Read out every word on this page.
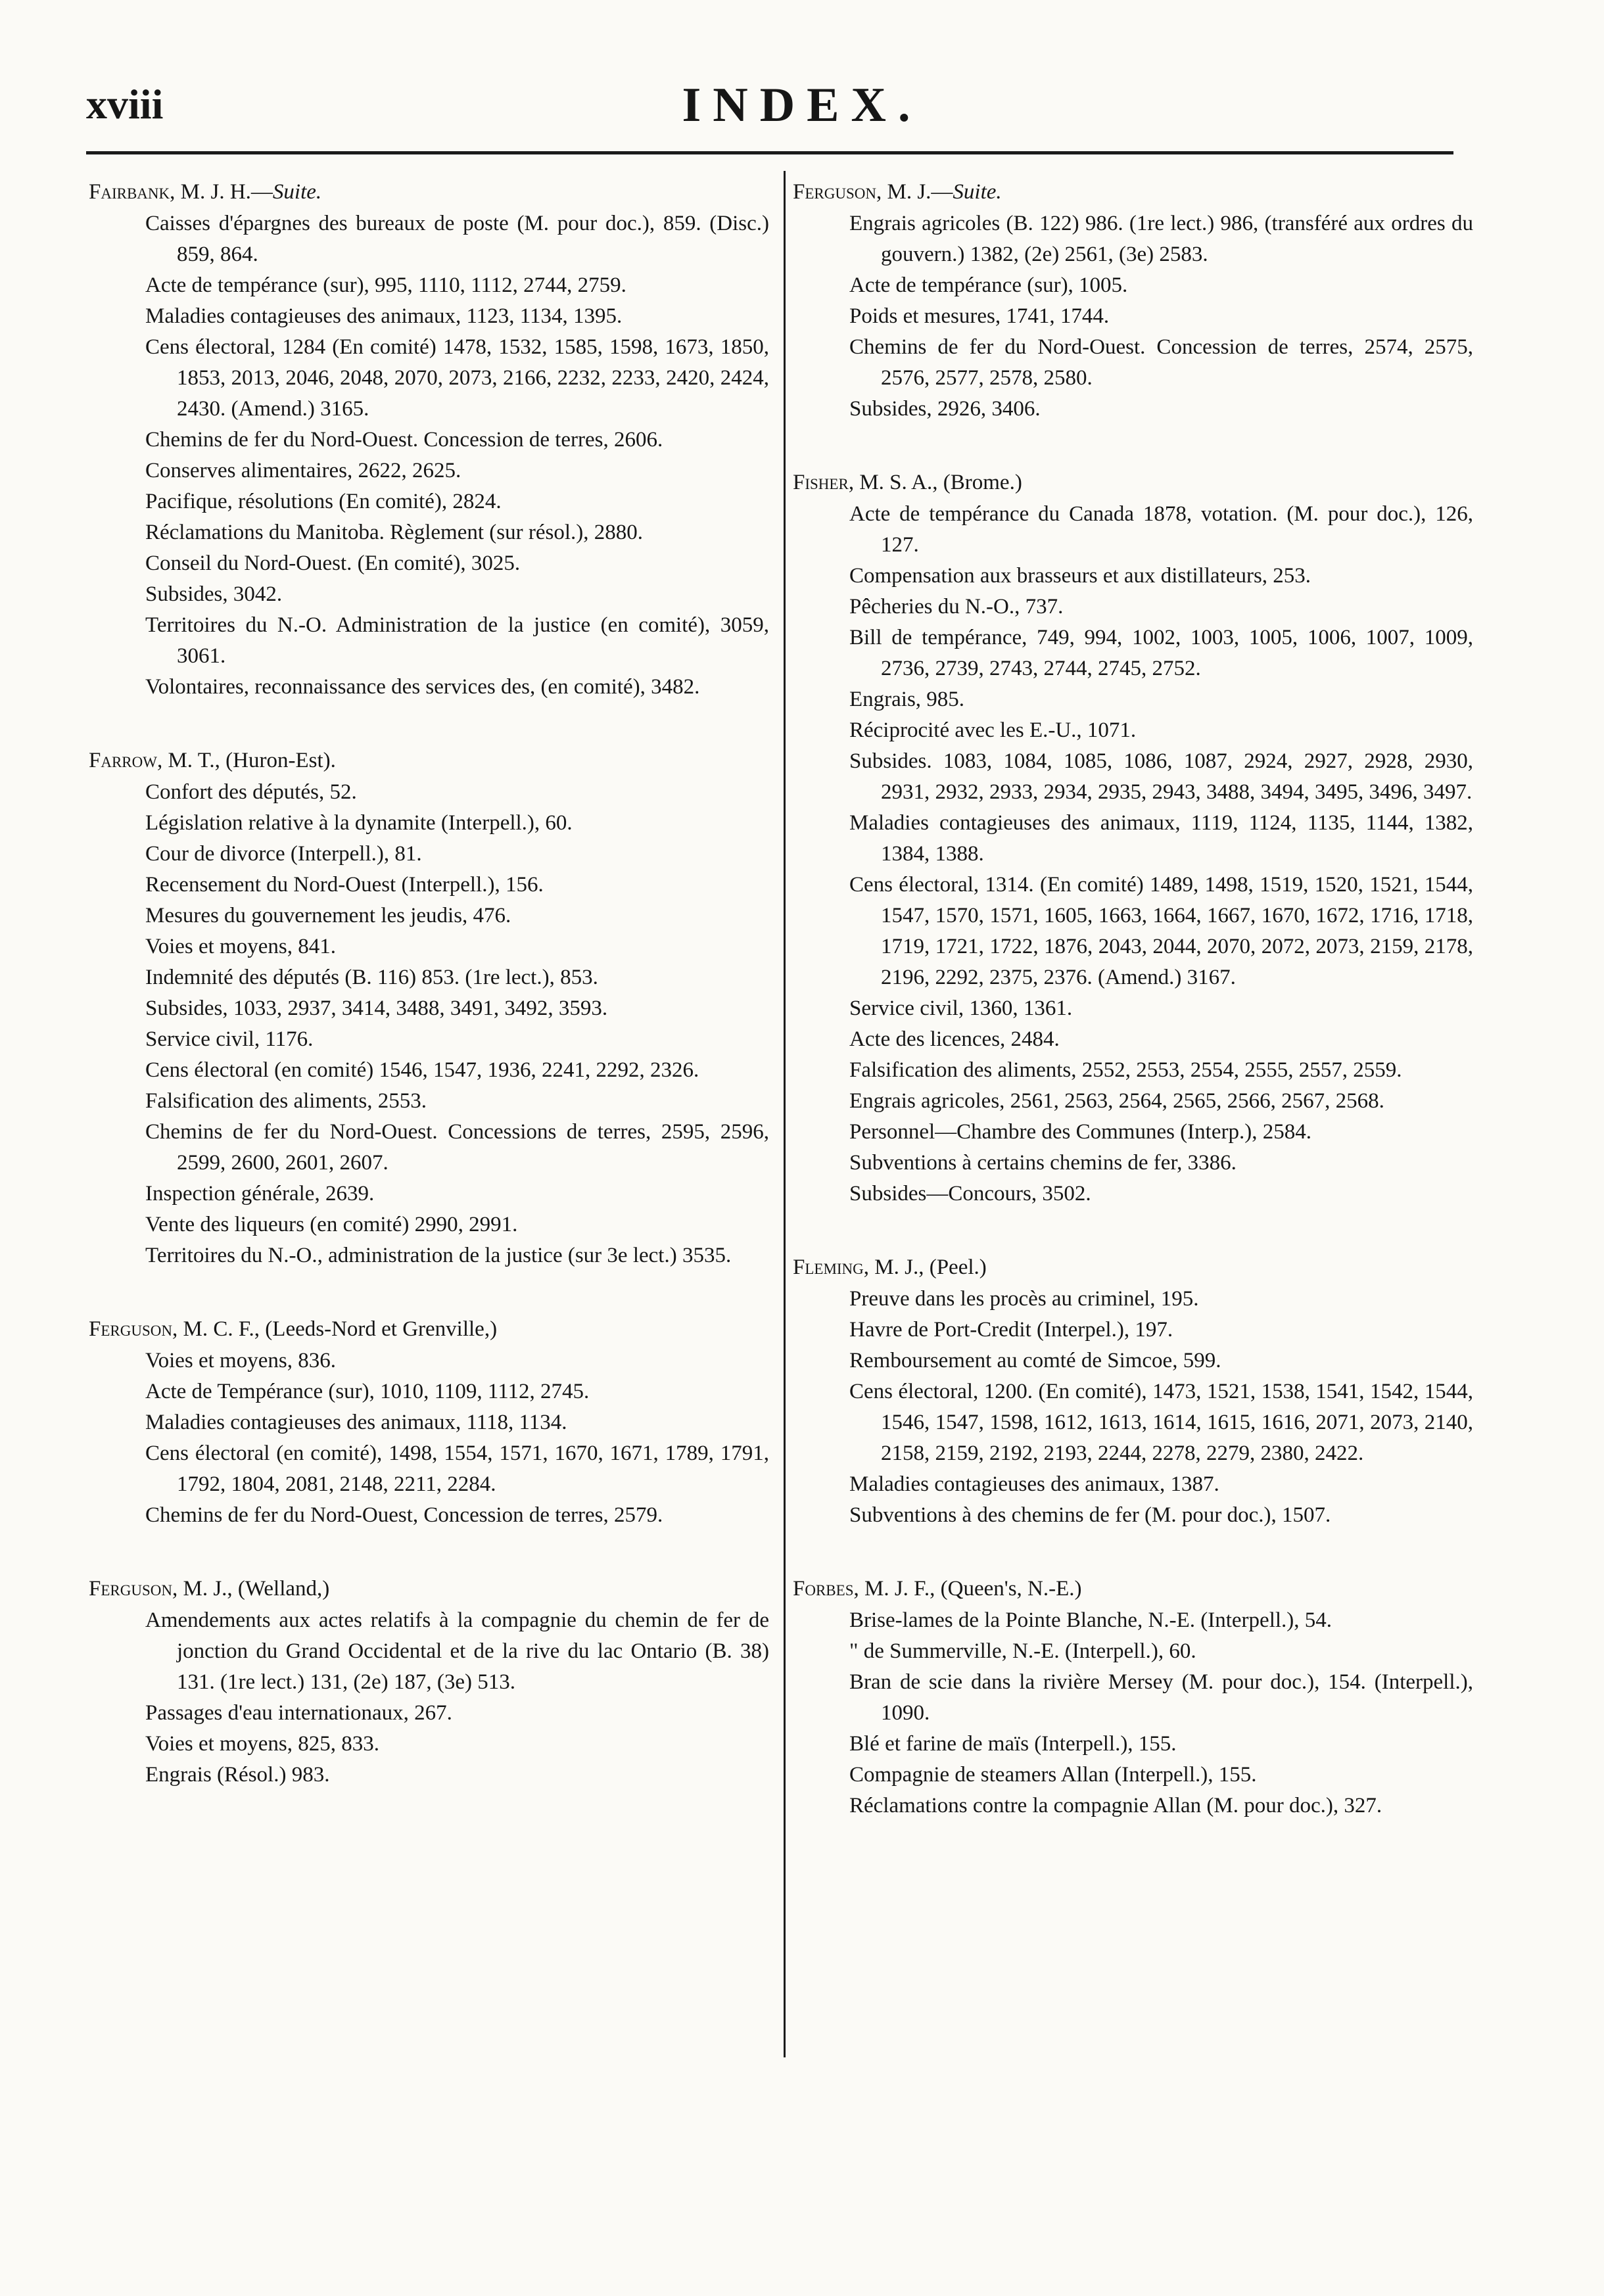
xviii	INDEX.
Fairbank, M. J. H.—Suite.
Caisses d'épargnes des bureaux de poste (M. pour doc.), 859. (Disc.) 859, 864.
Acte de tempérance (sur), 995, 1110, 1112, 2744, 2759.
Maladies contagieuses des animaux, 1123, 1134, 1395.
Cens électoral, 1284 (En comité) 1478, 1532, 1585, 1598, 1673, 1850, 1853, 2013, 2046, 2048, 2070, 2073, 2166, 2232, 2233, 2420, 2424, 2430. (Amend.) 3165.
Chemins de fer du Nord-Ouest. Concession de terres, 2606.
Conserves alimentaires, 2622, 2625.
Pacifique, résolutions (En comité), 2824.
Réclamations du Manitoba. Règlement (sur résol.), 2880.
Conseil du Nord-Ouest. (En comité), 3025.
Subsides, 3042.
Territoires du N.-O. Administration de la justice (en comité), 3059, 3061.
Volontaires, reconnaissance des services des, (en comité), 3482.
Farrow, M. T., (Huron-Est).
Confort des députés, 52.
Législation relative à la dynamite (Interpell.), 60.
Cour de divorce (Interpell.), 81.
Recensement du Nord-Ouest (Interpell.), 156.
Mesures du gouvernement les jeudis, 476.
Voies et moyens, 841.
Indemnité des députés (B. 116) 853. (1re lect.), 853.
Subsides, 1033, 2937, 3414, 3488, 3491, 3492, 3593.
Service civil, 1176.
Cens électoral (en comité) 1546, 1547, 1936, 2241, 2292, 2326.
Falsification des aliments, 2553.
Chemins de fer du Nord-Ouest. Concessions de terres, 2595, 2596, 2599, 2600, 2601, 2607.
Inspection générale, 2639.
Vente des liqueurs (en comité) 2990, 2991.
Territoires du N.-O., administration de la justice (sur 3e lect.) 3535.
Ferguson, M. C. F., (Leeds-Nord et Grenville,)
Voies et moyens, 836.
Acte de Tempérance (sur), 1010, 1109, 1112, 2745.
Maladies contagieuses des animaux, 1118, 1134.
Cens électoral (en comité), 1498, 1554, 1571, 1670, 1671, 1789, 1791, 1792, 1804, 2081, 2148, 2211, 2284.
Chemins de fer du Nord-Ouest, Concession de terres, 2579.
Ferguson, M. J., (Welland,)
Amendements aux actes relatifs à la compagnie du chemin de fer de jonction du Grand Occidental et de la rive du lac Ontario (B. 38) 131. (1re lect.) 131, (2e) 187, (3e) 513.
Passages d'eau internationaux, 267.
Voies et moyens, 825, 833.
Engrais (Résol.) 983.
Ferguson, M. J.—Suite.
Engrais agricoles (B. 122) 986. (1re lect.) 986, (transféré aux ordres du gouvern.) 1382, (2e) 2561, (3e) 2583.
Acte de tempérance (sur), 1005.
Poids et mesures, 1741, 1744.
Chemins de fer du Nord-Ouest. Concession de terres, 2574, 2575, 2576, 2577, 2578, 2580.
Subsides, 2926, 3406.
Fisher, M. S. A., (Brome.)
Acte de tempérance du Canada 1878, votation. (M. pour doc.), 126, 127.
Compensation aux brasseurs et aux distillateurs, 253.
Pêcheries du N.-O., 737.
Bill de tempérance, 749, 994, 1002, 1003, 1005, 1006, 1007, 1009, 2736, 2739, 2743, 2744, 2745, 2752.
Engrais, 985.
Réciprocité avec les E.-U., 1071.
Subsides. 1083, 1084, 1085, 1086, 1087, 2924, 2927, 2928, 2930, 2931, 2932, 2933, 2934, 2935, 2943, 3488, 3494, 3495, 3496, 3497.
Maladies contagieuses des animaux, 1119, 1124, 1135, 1144, 1382, 1384, 1388.
Cens électoral, 1314. (En comité) 1489, 1498, 1519, 1520, 1521, 1544, 1547, 1570, 1571, 1605, 1663, 1664, 1667, 1670, 1672, 1716, 1718, 1719, 1721, 1722, 1876, 2043, 2044, 2070, 2072, 2073, 2159, 2178, 2196, 2292, 2375, 2376. (Amend.) 3167.
Service civil, 1360, 1361.
Acte des licences, 2484.
Falsification des aliments, 2552, 2553, 2554, 2555, 2557, 2559.
Engrais agricoles, 2561, 2563, 2564, 2565, 2566, 2567, 2568.
Personnel—Chambre des Communes (Interp.), 2584.
Subventions à certains chemins de fer, 3386.
Subsides—Concours, 3502.
Fleming, M. J., (Peel.)
Preuve dans les procès au criminel, 195.
Havre de Port-Credit (Interpel.), 197.
Remboursement au comté de Simcoe, 599.
Cens électoral, 1200. (En comité), 1473, 1521, 1538, 1541, 1542, 1544, 1546, 1547, 1598, 1612, 1613, 1614, 1615, 1616, 2071, 2073, 2140, 2158, 2159, 2192, 2193, 2244, 2278, 2279, 2380, 2422.
Maladies contagieuses des animaux, 1387.
Subventions à des chemins de fer (M. pour doc.), 1507.
Forbes, M. J. F., (Queen's, N.-E.)
Brise-lames de la Pointe Blanche, N.-E. (Interpell.), 54.
" de Summerville, N.-E. (Interpell.), 60.
Bran de scie dans la rivière Mersey (M. pour doc.), 154. (Interpell.), 1090.
Blé et farine de maïs (Interpell.), 155.
Compagnie de steamers Allan (Interpell.), 155.
Réclamations contre la compagnie Allan (M. pour doc.), 327.
